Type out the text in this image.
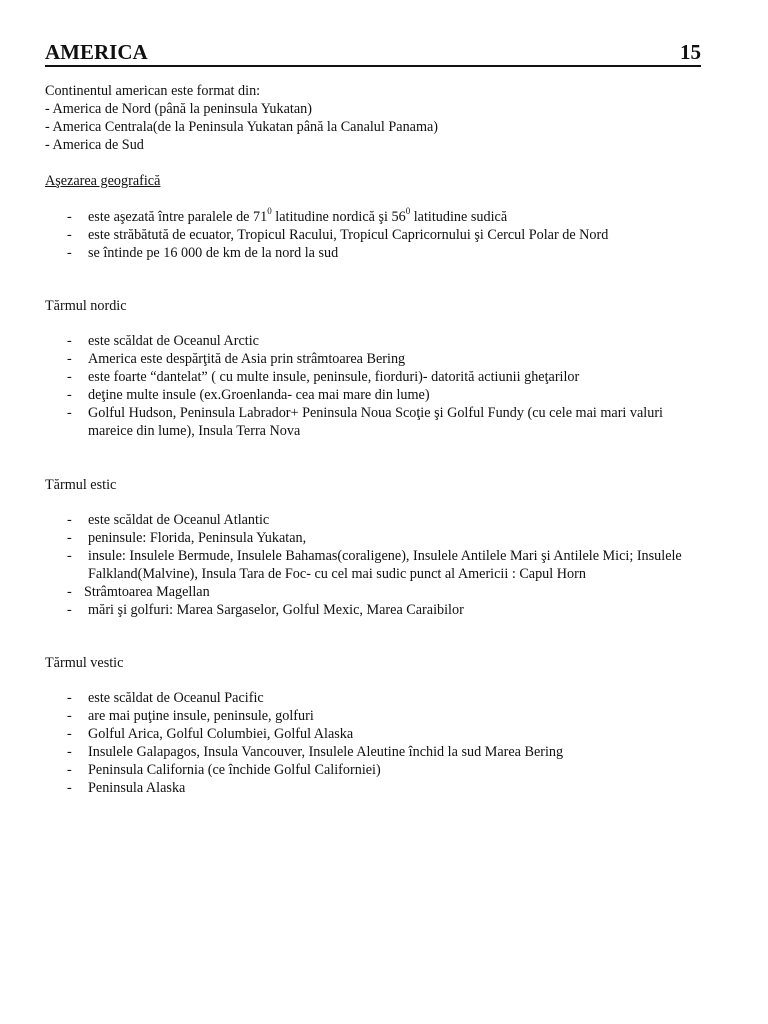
AMERICA	15
Continentul american este format din:
- America de Nord (până la peninsula Yukatan)
- America Centrala(de la Peninsula Yukatan până la Canalul Panama)
- America de Sud
Aşezarea geografică
- este aşezată între paralele de $71^0$ latitudine nordică şi $56^0$ latitudine sudică
- este străbătută de ecuator, Tropicul Racului, Tropicul Capricornului şi Cercul Polar de Nord
- se întinde pe 16 000 de km de la nord la sud
Tărmul nordic
- este scăldat de Oceanul Arctic
- America este despărţită de Asia prin strâmtoarea Bering
- este foarte “dantelat” ( cu multe insule, peninsule, fiorduri)- datorită actiunii gheţarilor
- deţine multe insule (ex.Groenlanda- cea mai mare din lume)
- Golful Hudson, Peninsula Labrador+ Peninsula Noua Scoţie şi Golful Fundy (cu cele mai mari valuri mareice din lume), Insula Terra Nova
Tărmul estic
- este scăldat de Oceanul Atlantic
- peninsule: Florida, Peninsula Yukatan,
- insule: Insulele Bermude, Insulele Bahamas(coraligene), Insulele Antilele Mari şi Antilele Mici; Insulele Falkland(Malvine), Insula Tara de Foc- cu cel mai sudic punct al Americii : Capul Horn
- Strâmtoarea Magellan
- mări şi golfuri: Marea Sargaselor, Golful Mexic, Marea Caraibilor
Tărmul vestic
- este scăldat de Oceanul Pacific
- are mai puţine insule, peninsule, golfuri
- Golful Arica, Golful Columbiei, Golful Alaska
- Insulele Galapagos, Insula Vancouver, Insulele Aleutine închid la sud Marea Bering
- Peninsula California (ce închide Golful Californiei)
- Peninsula Alaska
